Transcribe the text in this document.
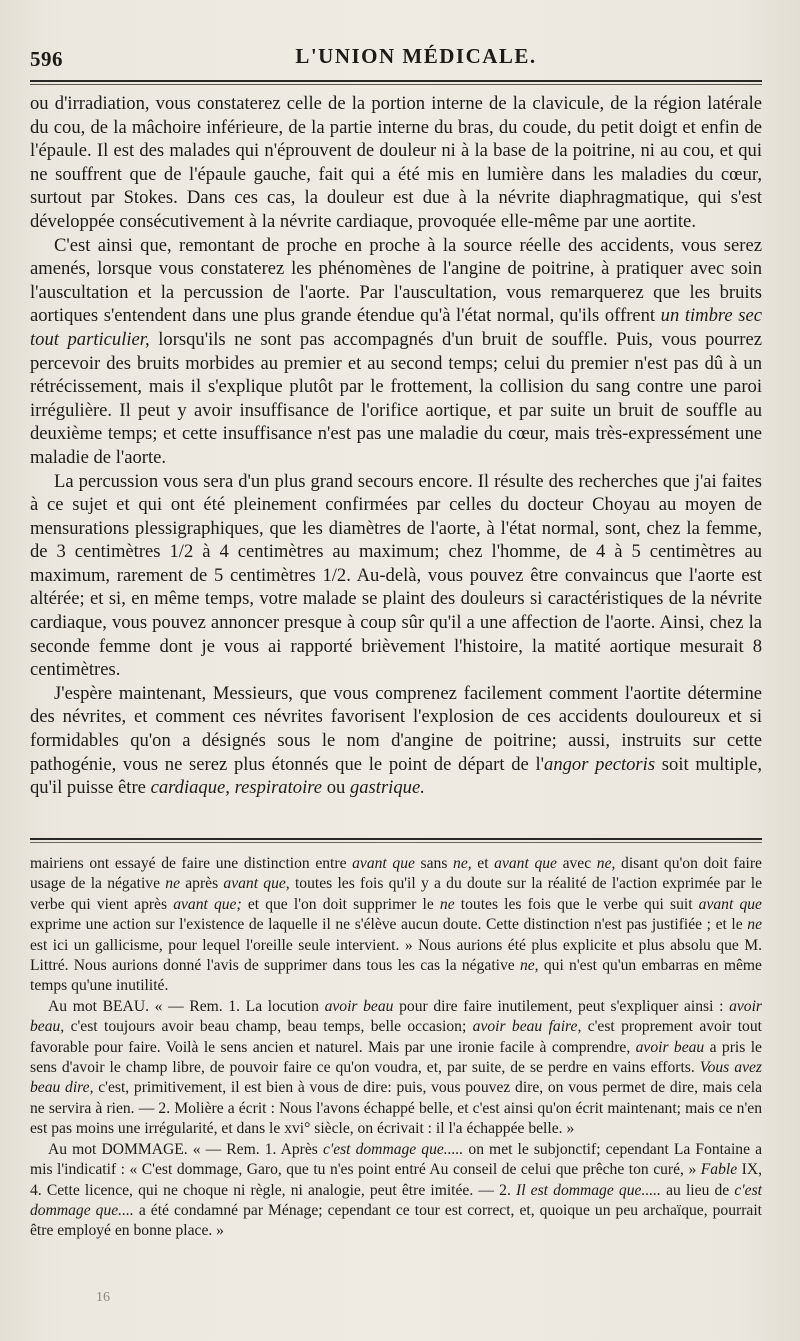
596	L'UNION MÉDICALE.

ou d'irradiation, vous constaterez celle de la portion interne de la clavicule, de la région latérale du cou, de la mâchoire inférieure, de la partie interne du bras, du coude, du petit doigt et enfin de l'épaule. Il est des malades qui n'éprouvent de douleur ni à la base de la poitrine, ni au cou, et qui ne souffrent que de l'épaule gauche, fait qui a été mis en lumière dans les maladies du cœur, surtout par Stokes. Dans ces cas, la douleur est due à la névrite diaphragmatique, qui s'est développée consécutivement à la névrite cardiaque, provoquée elle-même par une aortite.

C'est ainsi que, remontant de proche en proche à la source réelle des accidents, vous serez amenés, lorsque vous constaterez les phénomènes de l'angine de poitrine, à pratiquer avec soin l'auscultation et la percussion de l'aorte. Par l'auscultation, vous remarquerez que les bruits aortiques s'entendent dans une plus grande étendue qu'à l'état normal, qu'ils offrent un timbre sec tout particulier, lorsqu'ils ne sont pas accompagnés d'un bruit de souffle. Puis, vous pourrez percevoir des bruits morbides au premier et au second temps; celui du premier n'est pas dû à un rétrécissement, mais il s'explique plutôt par le frottement, la collision du sang contre une paroi irrégulière. Il peut y avoir insuffisance de l'orifice aortique, et par suite un bruit de souffle au deuxième temps; et cette insuffisance n'est pas une maladie du cœur, mais très-expressément une maladie de l'aorte.

La percussion vous sera d'un plus grand secours encore. Il résulte des recherches que j'ai faites à ce sujet et qui ont été pleinement confirmées par celles du docteur Choyau au moyen de mensurations plessigraphiques, que les diamètres de l'aorte, à l'état normal, sont, chez la femme, de 3 centimètres 1/2 à 4 centimètres au maximum; chez l'homme, de 4 à 5 centimètres au maximum, rarement de 5 centimètres 1/2. Au-delà, vous pouvez être convaincus que l'aorte est altérée; et si, en même temps, votre malade se plaint des douleurs si caractéristiques de la névrite cardiaque, vous pouvez annoncer presque à coup sûr qu'il a une affection de l'aorte. Ainsi, chez la seconde femme dont je vous ai rapporté brièvement l'histoire, la matité aortique mesurait 8 centimètres.

J'espère maintenant, Messieurs, que vous comprenez facilement comment l'aortite détermine des névrites, et comment ces névrites favorisent l'explosion de ces accidents douloureux et si formidables qu'on a désignés sous le nom d'angine de poitrine; aussi, instruits sur cette pathogénie, vous ne serez plus étonnés que le point de départ de l'angor pectoris soit multiple, qu'il puisse être cardiaque, respiratoire ou gastrique.

mairiens ont essayé de faire une distinction entre avant que sans ne, et avant que avec ne, disant qu'on doit faire usage de la négative ne après avant que, toutes les fois qu'il y a du doute sur la réalité de l'action exprimée par le verbe qui vient après avant que; et que l'on doit supprimer le ne toutes les fois que le verbe qui suit avant que exprime une action sur l'existence de laquelle il ne s'élève aucun doute. Cette distinction n'est pas justifiée ; et le ne est ici un gallicisme, pour lequel l'oreille seule intervient. » Nous aurions été plus explicite et plus absolu que M. Littré. Nous aurions donné l'avis de supprimer dans tous les cas la négative ne, qui n'est qu'un embarras en même temps qu'une inutilité.

Au mot BEAU. « — Rem. 1. La locution avoir beau pour dire faire inutilement, peut s'expliquer ainsi : avoir beau, c'est toujours avoir beau champ, beau temps, belle occasion; avoir beau faire, c'est proprement avoir tout favorable pour faire. Voilà le sens ancien et naturel. Mais par une ironie facile à comprendre, avoir beau a pris le sens d'avoir le champ libre, de pouvoir faire ce qu'on voudra, et, par suite, de se perdre en vains efforts. Vous avez beau dire, c'est, primitivement, il est bien à vous de dire: puis, vous pouvez dire, on vous permet de dire, mais cela ne servira à rien. — 2. Molière a écrit : Nous l'avons échappé belle, et c'est ainsi qu'on écrit maintenant; mais ce n'en est pas moins une irrégularité, et dans le xvi° siècle, on écrivait : il l'a échappée belle. »

Au mot DOMMAGE. « — Rem. 1. Après c'est dommage que..... on met le subjonctif; cependant La Fontaine a mis l'indicatif : « C'est dommage, Garo, que tu n'es point entré Au conseil de celui que prêche ton curé, » Fable IX, 4. Cette licence, qui ne choque ni règle, ni analogie, peut être imitée. — 2. Il est dommage que..... au lieu de c'est dommage que.... a été condamné par Ménage; cependant ce tour est correct, et, quoique un peu archaïque, pourrait être employé en bonne place. »

16
